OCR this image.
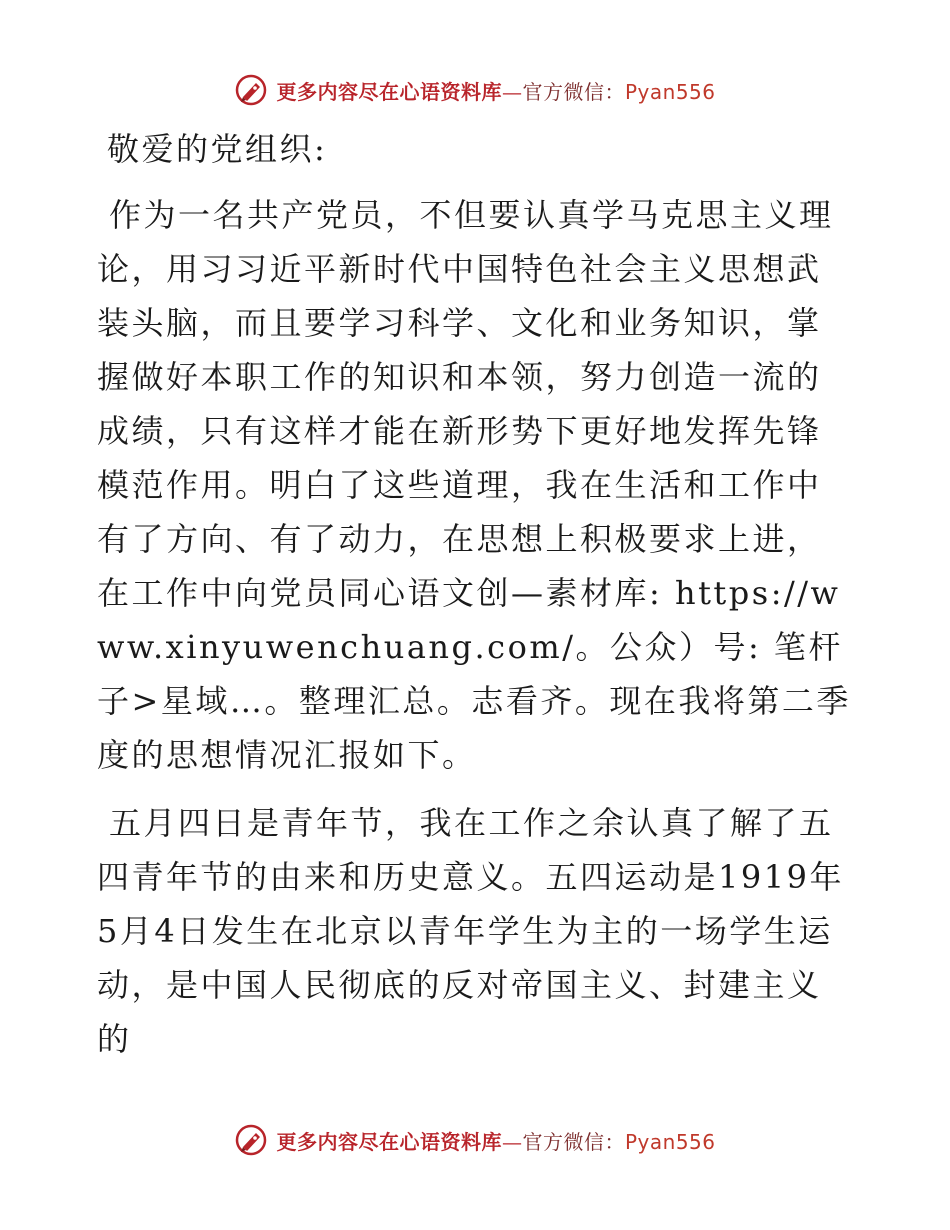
更多内容尽在心语资料库—官方微信：Pyan556
敬爱的党组织:
作为一名共产党员，不但要认真学马克思主义理论，用习习近平新时代中国特色社会主义思想武装头脑，而且要学习科学、文化和业务知识，掌握做好本职工作的知识和本领，努力创造一流的成绩，只有这样才能在新形势下更好地发挥先锋模范作用。明白了这些道理，我在生活和工作中有了方向、有了动力，在思想上积极要求上进，在工作中向党员同心语文创—素材库: https://www.xinyuwenchuang.com/。公众）号: 笔杆子>星域…。整理汇总。志看齐。现在我将第二季度的思想情况汇报如下。
五月四日是青年节，我在工作之余认真了解了五四青年节的由来和历史意义。五四运动是1919年5月4日发生在北京以青年学生为主的一场学生运动，是中国人民彻底的反对帝国主义、封建主义的
更多内容尽在心语资料库—官方微信：Pyan556
